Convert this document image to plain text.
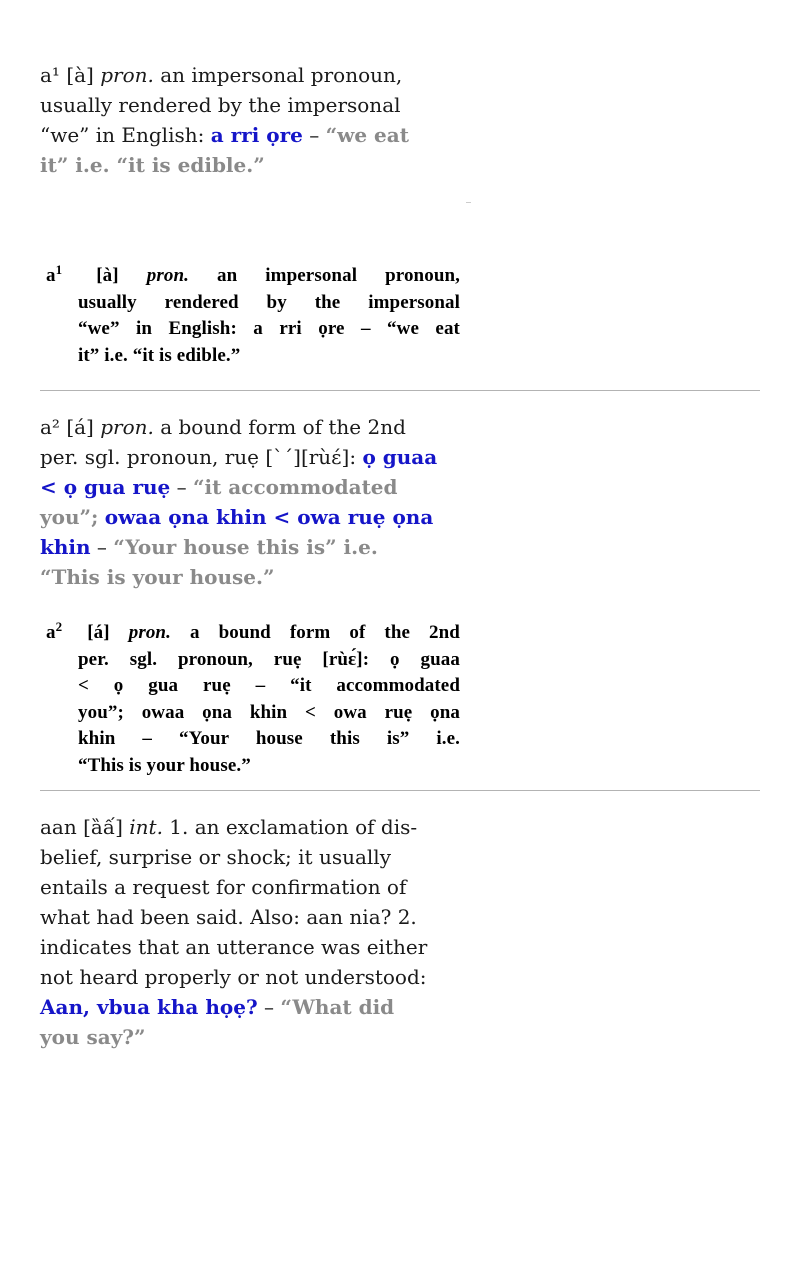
a¹ [à] pron. an impersonal pronoun, usually rendered by the impersonal “we” in English: a rri ọre – “we eat it” i.e. “it is edible.”
$a^1$ [à] pron. an impersonal pronoun,
usually rendered by the impersonal
“we” in English: a rri ọre – “we eat
it” i.e. “it is edible.”
a² [á] pron. a bound form of the 2nd per. sgl. pronoun, ruẹ [ˋˊ][rùɛ́]: ọ guaa < ọ gua ruẹ – “it accommodated you”; owaa ọna khin < owa ruẹ ọna khin – “Your house this is” i.e. “This is your house.”
$a^2$ [á] pron. a bound form of the 2nd
per. sgl. pronoun, ruẹ [rùɛ́]: ọ guaa
< ọ gua ruẹ – “it accommodated
you”; owaa ọna khin < owa ruẹ ọna
khin – “Your house this is” i.e.
“This is your house.”
aan [ȁấ] int. 1. an exclamation of dis-belief, surprise or shock; it usually entails a request for confirmation of what had been said. Also: aan nia? 2. indicates that an utterance was either not heard properly or not understood: Aan, vbua kha họẹ? – “What did you say?”
